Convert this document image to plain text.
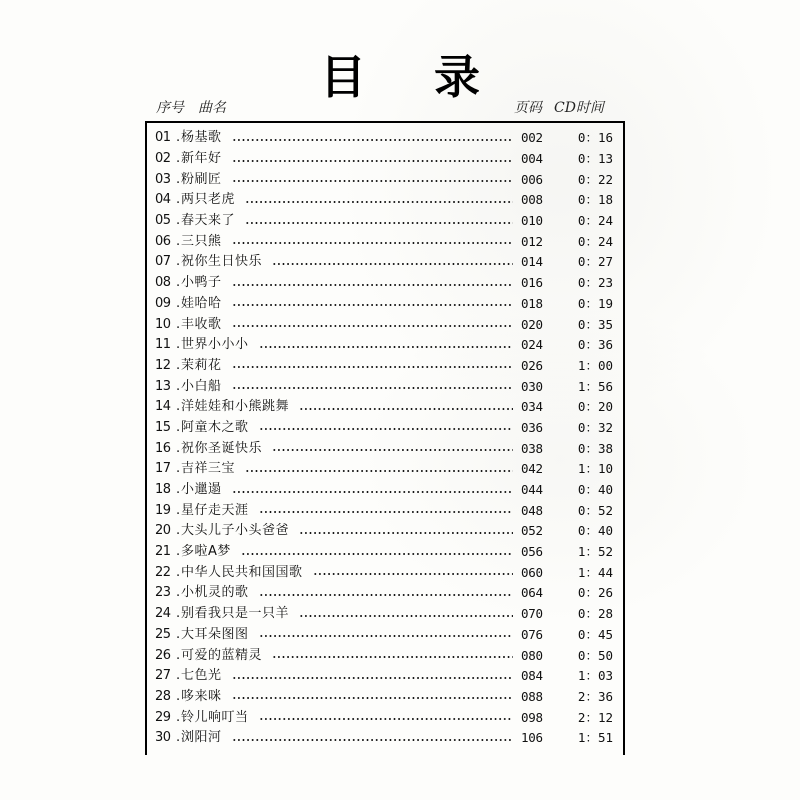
目 录
序号 曲名	页码 CD时间
01 . 杨基歌	002	0：16
02 . 新年好	004	0：13
03 . 粉刷匠	006	0：22
04 . 两只老虎	008	0：18
05 . 春天来了	010	0：24
06 . 三只熊	012	0：24
07 . 祝你生日快乐	014	0：27
08 . 小鸭子	016	0：23
09 . 娃哈哈	018	0：19
10 . 丰收歌	020	0：35
11 . 世界小小小	024	0：36
12 . 茉莉花	026	1：00
13 . 小白船	030	1：56
14 . 洋娃娃和小熊跳舞	034	0：20
15 . 阿童木之歌	036	0：32
16 . 祝你圣诞快乐	038	0：38
17 . 吉祥三宝	042	1：10
18 . 小邋遢	044	0：40
19 . 星仔走天涯	048	0：52
20 . 大头儿子小头爸爸	052	0：40
21 . 多啦A梦	056	1：52
22 . 中华人民共和国国歌	060	1：44
23 . 小机灵的歌	064	0：26
24 . 别看我只是一只羊	070	0：28
25 . 大耳朵图图	076	0：45
26 . 可爱的蓝精灵	080	0：50
27 . 七色光	084	1：03
28 . 哆来咪	088	2：36
29 . 铃儿响叮当	098	2：12
30 . 浏阳河	106	1：51
